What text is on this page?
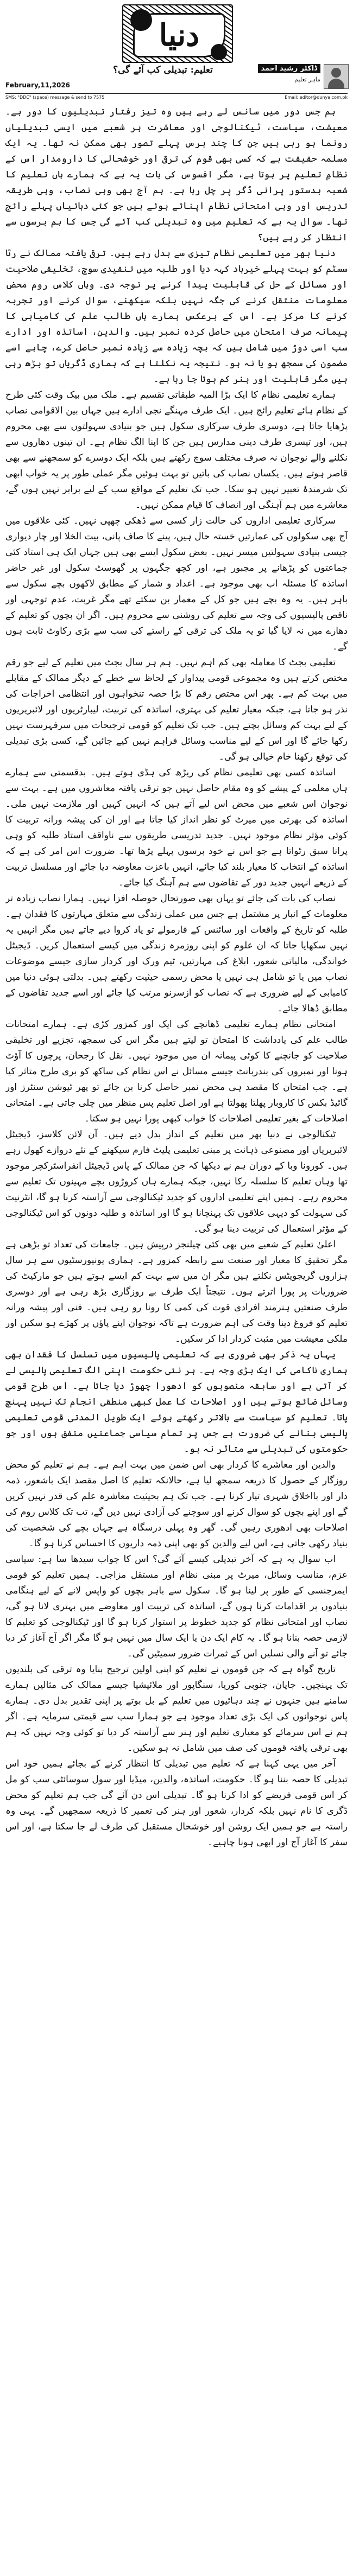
دنیا
ڈاکٹر رشید احمد
ماہر تعلیم
تعلیم: تبدیلی کب آئے گی؟
February,11,2026
SMS: "DDC" (space) message & send to 7575	Email: editor@dunya.com.pk

ہم جس دور میں سانس لے رہے ہیں وہ تیز رفتار تبدیلیوں کا دور ہے۔ معیشت، سیاست، ٹیکنالوجی اور معاشرت ہر شعبے میں ایسی تبدیلیاں رونما ہو رہی ہیں جن کا چند برس پہلے تصور بھی ممکن نہ تھا۔ یہ ایک مسلمہ حقیقت ہے کہ کسی بھی قوم کی ترقی اور خوشحالی کا دارومدار اس کے نظامِ تعلیم پر ہوتا ہے، مگر افسوس کی بات یہ ہے کہ ہمارے ہاں تعلیم کا شعبہ بدستور پرانی ڈگر پر چل رہا ہے۔ ہم آج بھی وہی نصاب، وہی طریقہ تدریس اور وہی امتحانی نظام اپنائے ہوئے ہیں جو کئی دہائیاں پہلے رائج تھا۔ سوال یہ ہے کہ تعلیم میں وہ تبدیلی کب آئے گی جس کا ہم برسوں سے انتظار کر رہے ہیں؟

دنیا بھر میں تعلیمی نظام تیزی سے بدل رہے ہیں۔ ترقی یافتہ ممالک نے رٹا سسٹم کو بہت پہلے خیرباد کہہ دیا اور طلبہ میں تنقیدی سوچ، تخلیقی صلاحیت اور مسائل کے حل کی قابلیت پیدا کرنے پر توجہ دی۔ وہاں کلاس روم محض معلومات منتقل کرنے کی جگہ نہیں بلکہ سیکھنے، سوال کرنے اور تجربہ کرنے کا مرکز ہے۔ اس کے برعکس ہمارے ہاں طالب علم کی کامیابی کا پیمانہ صرف امتحان میں حاصل کردہ نمبر ہیں۔ والدین، اساتذہ اور ادارے سب اسی دوڑ میں شامل ہیں کہ بچہ زیادہ سے زیادہ نمبر حاصل کرے، چاہے اسے مضمون کی سمجھ ہو یا نہ ہو۔ نتیجہ یہ نکلتا ہے کہ ہماری ڈگریاں تو بڑھ رہی ہیں مگر قابلیت اور ہنر کم ہوتا جا رہا ہے۔

ہمارے تعلیمی نظام کا ایک بڑا المیہ طبقاتی تقسیم ہے۔ ملک میں بیک وقت کئی طرح کے نظام ہائے تعلیم رائج ہیں۔ ایک طرف مہنگے نجی ادارے ہیں جہاں بین الاقوامی نصاب پڑھایا جاتا ہے، دوسری طرف سرکاری سکول ہیں جو بنیادی سہولتوں سے بھی محروم ہیں، اور تیسری طرف دینی مدارس ہیں جن کا اپنا الگ نظام ہے۔ ان تینوں دھاروں سے نکلنے والے نوجوان نہ صرف مختلف سوچ رکھتے ہیں بلکہ ایک دوسرے کو سمجھنے سے بھی قاصر ہوتے ہیں۔ یکساں نصاب کی باتیں تو بہت ہوئیں مگر عملی طور پر یہ خواب ابھی تک شرمندۂ تعبیر نہیں ہو سکا۔ جب تک تعلیم کے مواقع سب کے لیے برابر نہیں ہوں گے، معاشرے میں ہم آہنگی اور انصاف کا قیام ممکن نہیں۔

سرکاری تعلیمی اداروں کی حالت زار کسی سے ڈھکی چھپی نہیں۔ کئی علاقوں میں آج بھی سکولوں کی عمارتیں خستہ حال ہیں، پینے کا صاف پانی، بیت الخلا اور چار دیواری جیسی بنیادی سہولتیں میسر نہیں۔ بعض سکول ایسے بھی ہیں جہاں ایک ہی استاد کئی جماعتوں کو پڑھانے پر مجبور ہے، اور کچھ جگہوں پر گھوسٹ سکول اور غیر حاضر اساتذہ کا مسئلہ اب بھی موجود ہے۔ اعداد و شمار کے مطابق لاکھوں بچے سکول سے باہر ہیں۔ یہ وہ بچے ہیں جو کل کے معمار بن سکتے تھے مگر غربت، عدم توجہی اور ناقص پالیسیوں کی وجہ سے تعلیم کی روشنی سے محروم ہیں۔ اگر ان بچوں کو تعلیم کے دھارے میں نہ لایا گیا تو یہ ملک کی ترقی کے راستے کی سب سے بڑی رکاوٹ ثابت ہوں گے۔

تعلیمی بجٹ کا معاملہ بھی کم اہم نہیں۔ ہم ہر سال بجٹ میں تعلیم کے لیے جو رقم مختص کرتے ہیں وہ مجموعی قومی پیداوار کے لحاظ سے خطے کے دیگر ممالک کے مقابلے میں بہت کم ہے۔ پھر اس مختص رقم کا بڑا حصہ تنخواہوں اور انتظامی اخراجات کی نذر ہو جاتا ہے، جبکہ معیار تعلیم کی بہتری، اساتذہ کی تربیت، لیبارٹریوں اور لائبریریوں کے لیے بہت کم وسائل بچتے ہیں۔ جب تک تعلیم کو قومی ترجیحات میں سرفہرست نہیں رکھا جائے گا اور اس کے لیے مناسب وسائل فراہم نہیں کیے جائیں گے، کسی بڑی تبدیلی کی توقع رکھنا خام خیالی ہو گی۔

اساتذہ کسی بھی تعلیمی نظام کی ریڑھ کی ہڈی ہوتے ہیں۔ بدقسمتی سے ہمارے ہاں معلمی کے پیشے کو وہ مقام حاصل نہیں جو ترقی یافتہ معاشروں میں ہے۔ بہت سے نوجوان اس شعبے میں محض اس لیے آتے ہیں کہ انہیں کہیں اور ملازمت نہیں ملی۔ اساتذہ کی بھرتی میں میرٹ کو نظر انداز کیا جاتا ہے اور ان کی پیشہ ورانہ تربیت کا کوئی مؤثر نظام موجود نہیں۔ جدید تدریسی طریقوں سے ناواقف استاد طلبہ کو وہی پرانا سبق رٹواتا ہے جو اس نے خود برسوں پہلے پڑھا تھا۔ ضرورت اس امر کی ہے کہ اساتذہ کے انتخاب کا معیار بلند کیا جائے، انہیں باعزت معاوضہ دیا جائے اور مسلسل تربیت کے ذریعے انہیں جدید دور کے تقاضوں سے ہم آہنگ کیا جائے۔

نصاب کی بات کی جائے تو یہاں بھی صورتحال حوصلہ افزا نہیں۔ ہمارا نصاب زیادہ تر معلومات کے انبار پر مشتمل ہے جس میں عملی زندگی سے متعلق مہارتوں کا فقدان ہے۔ طلبہ کو تاریخ کے واقعات اور سائنس کے فارمولے تو یاد کروا دیے جاتے ہیں مگر انہیں یہ نہیں سکھایا جاتا کہ ان علوم کو اپنی روزمرہ زندگی میں کیسے استعمال کریں۔ ڈیجیٹل خواندگی، مالیاتی شعور، ابلاغ کی مہارتیں، ٹیم ورک اور کردار سازی جیسے موضوعات نصاب میں یا تو شامل ہی نہیں یا محض رسمی حیثیت رکھتے ہیں۔ بدلتی ہوئی دنیا میں کامیابی کے لیے ضروری ہے کہ نصاب کو ازسرنو مرتب کیا جائے اور اسے جدید تقاضوں کے مطابق ڈھالا جائے۔

امتحانی نظام ہمارے تعلیمی ڈھانچے کی ایک اور کمزور کڑی ہے۔ ہمارے امتحانات طالب علم کی یادداشت کا امتحان تو لیتے ہیں مگر اس کی سمجھ، تجزیے اور تخلیقی صلاحیت کو جانچنے کا کوئی پیمانہ ان میں موجود نہیں۔ نقل کا رجحان، پرچوں کا آؤٹ ہونا اور نمبروں کی بندربانٹ جیسے مسائل نے اس نظام کی ساکھ کو بری طرح متاثر کیا ہے۔ جب امتحان کا مقصد ہی محض نمبر حاصل کرنا بن جائے تو پھر ٹیوشن سنٹرز اور گائیڈ بکس کا کاروبار پھلتا پھولتا ہے اور اصل تعلیم پس منظر میں چلی جاتی ہے۔ امتحانی اصلاحات کے بغیر تعلیمی اصلاحات کا خواب کبھی پورا نہیں ہو سکتا۔

ٹیکنالوجی نے دنیا بھر میں تعلیم کے انداز بدل دیے ہیں۔ آن لائن کلاسز، ڈیجیٹل لائبریریاں اور مصنوعی ذہانت پر مبنی تعلیمی پلیٹ فارم سیکھنے کے نئے دروازے کھول رہے ہیں۔ کورونا وبا کے دوران ہم نے دیکھا کہ جن ممالک کے پاس ڈیجیٹل انفراسٹرکچر موجود تھا وہاں تعلیم کا سلسلہ رکا نہیں، جبکہ ہمارے ہاں کروڑوں بچے مہینوں تک تعلیم سے محروم رہے۔ ہمیں اپنے تعلیمی اداروں کو جدید ٹیکنالوجی سے آراستہ کرنا ہو گا، انٹرنیٹ کی سہولت کو دیہی علاقوں تک پہنچانا ہو گا اور اساتذہ و طلبہ دونوں کو اس ٹیکنالوجی کے مؤثر استعمال کی تربیت دینا ہو گی۔

اعلیٰ تعلیم کے شعبے میں بھی کئی چیلنجز درپیش ہیں۔ جامعات کی تعداد تو بڑھی ہے مگر تحقیق کا معیار اور صنعت سے رابطہ کمزور ہے۔ ہماری یونیورسٹیوں سے ہر سال ہزاروں گریجویٹس نکلتے ہیں مگر ان میں سے بہت کم ایسے ہوتے ہیں جو مارکیٹ کی ضروریات پر پورا اترتے ہوں۔ نتیجتاً ایک طرف بے روزگاری بڑھ رہی ہے اور دوسری طرف صنعتیں ہنرمند افرادی قوت کی کمی کا رونا رو رہی ہیں۔ فنی اور پیشہ ورانہ تعلیم کو فروغ دینا وقت کی اہم ضرورت ہے تاکہ نوجوان اپنے پاؤں پر کھڑے ہو سکیں اور ملکی معیشت میں مثبت کردار ادا کر سکیں۔

یہاں یہ ذکر بھی ضروری ہے کہ تعلیمی پالیسیوں میں تسلسل کا فقدان بھی ہماری ناکامی کی ایک بڑی وجہ ہے۔ ہر نئی حکومت اپنی الگ تعلیمی پالیسی لے کر آتی ہے اور سابقہ منصوبوں کو ادھورا چھوڑ دیا جاتا ہے۔ اس طرح قومی وسائل ضائع ہوتے ہیں اور اصلاحات کا عمل کبھی منطقی انجام تک نہیں پہنچ پاتا۔ تعلیم کو سیاست سے بالاتر رکھتے ہوئے ایک طویل المدتی قومی تعلیمی پالیسی بنانے کی ضرورت ہے جس پر تمام سیاسی جماعتیں متفق ہوں اور جو حکومتوں کی تبدیلی سے متاثر نہ ہو۔

والدین اور معاشرے کا کردار بھی اس ضمن میں بہت اہم ہے۔ ہم نے تعلیم کو محض روزگار کے حصول کا ذریعہ سمجھ لیا ہے، حالانکہ تعلیم کا اصل مقصد ایک باشعور، ذمہ دار اور بااخلاق شہری تیار کرنا ہے۔ جب تک ہم بحیثیت معاشرہ علم کی قدر نہیں کریں گے اور اپنے بچوں کو سوال کرنے اور سوچنے کی آزادی نہیں دیں گے، تب تک کلاس روم کی اصلاحات بھی ادھوری رہیں گی۔ گھر وہ پہلی درسگاہ ہے جہاں بچے کی شخصیت کی بنیاد رکھی جاتی ہے، اس لیے والدین کو بھی اپنی ذمہ داریوں کا احساس کرنا ہو گا۔

اب سوال یہ ہے کہ آخر تبدیلی کیسے آئے گی؟ اس کا جواب سیدھا سا ہے: سیاسی عزم، مناسب وسائل، میرٹ پر مبنی نظام اور مستقل مزاجی۔ ہمیں تعلیم کو قومی ایمرجنسی کے طور پر لینا ہو گا۔ سکول سے باہر بچوں کو واپس لانے کے لیے ہنگامی بنیادوں پر اقدامات کرنا ہوں گے، اساتذہ کی تربیت اور معاوضے میں بہتری لانا ہو گی، نصاب اور امتحانی نظام کو جدید خطوط پر استوار کرنا ہو گا اور ٹیکنالوجی کو تعلیم کا لازمی حصہ بنانا ہو گا۔ یہ کام ایک دن یا ایک سال میں نہیں ہو گا مگر اگر آج آغاز کر دیا جائے تو آنے والی نسلیں اس کے ثمرات ضرور سمیٹیں گی۔

تاریخ گواہ ہے کہ جن قوموں نے تعلیم کو اپنی اولین ترجیح بنایا وہ ترقی کی بلندیوں تک پہنچیں۔ جاپان، جنوبی کوریا، سنگاپور اور ملائیشیا جیسے ممالک کی مثالیں ہمارے سامنے ہیں جنہوں نے چند دہائیوں میں تعلیم کے بل بوتے پر اپنی تقدیر بدل دی۔ ہمارے پاس نوجوانوں کی ایک بڑی تعداد موجود ہے جو ہمارا سب سے قیمتی سرمایہ ہے۔ اگر ہم نے اس سرمائے کو معیاری تعلیم اور ہنر سے آراستہ کر دیا تو کوئی وجہ نہیں کہ ہم بھی ترقی یافتہ قوموں کی صف میں شامل نہ ہو سکیں۔

آخر میں یہی کہنا ہے کہ تعلیم میں تبدیلی کا انتظار کرنے کے بجائے ہمیں خود اس تبدیلی کا حصہ بننا ہو گا۔ حکومت، اساتذہ، والدین، میڈیا اور سول سوسائٹی سب کو مل کر اس قومی فریضے کو ادا کرنا ہو گا۔ تبدیلی اس دن آئے گی جب ہم تعلیم کو محض ڈگری کا نام نہیں بلکہ کردار، شعور اور ہنر کی تعمیر کا ذریعہ سمجھیں گے۔ یہی وہ راستہ ہے جو ہمیں ایک روشن اور خوشحال مستقبل کی طرف لے جا سکتا ہے، اور اس سفر کا آغاز آج اور ابھی ہونا چاہیے۔
